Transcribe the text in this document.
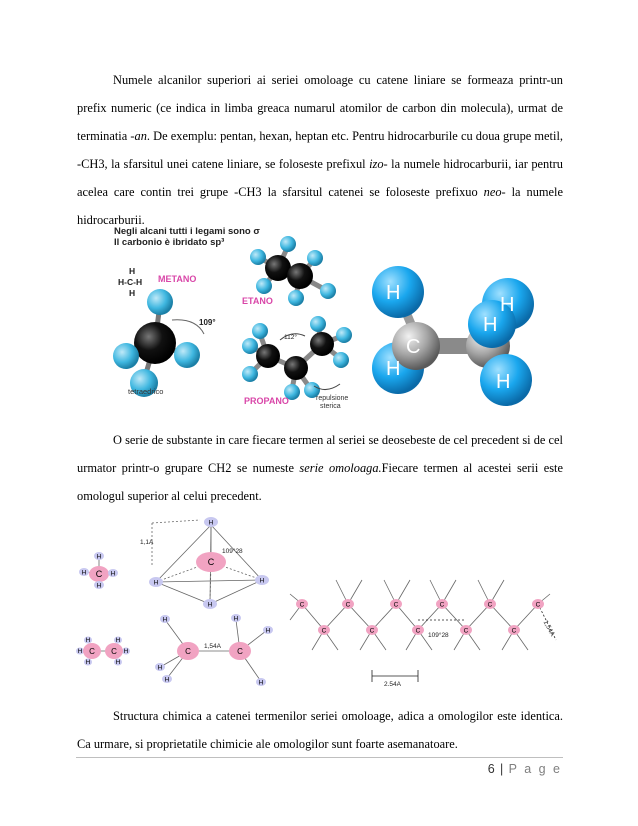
Numele alcanilor superiori ai seriei omoloage cu catene liniare se formeaza printr-un prefix numeric (ce indica in limba greaca numarul atomilor de carbon din molecula), urmat de terminatia -an. De exemplu: pentan, hexan, heptan etc. Pentru hidrocarburile cu doua grupe metil, -CH3, la sfarsitul unei catene liniare, se foloseste prefixul izo- la numele hidrocarburii, iar pentru acelea care contin trei grupe -CH3 la sfarsitul catenei se foloseste prefixuo neo- la numele hidrocarburii.

Negli alcani tutti i legami sono σ
Il carbonio è ibridato sp³
H
H-C-H
H
METANO
109°
tetraedrico
ETANO
112°
PROPANO	repulsione
sterica
H
H
C
H
H
H

O serie de substante in care fiecare termen al seriei se deosebeste de cel precedent si de cel urmator printr-o grupare CH2 se numeste serie omoloaga.Fiecare termen al acestei serii este omologul superior al celui precedent.

H
C
H	H
H
H
C
H	H
H
H
H
H
H
H
H
C C	C	C
H
H
H
H
H
H
C
C
C
C
C
C
C
C
C
C
C
1,1A
109°28
1,54A
109°28
2.54A
1,54A

Structura chimica a catenei termenilor seriei omoloage, adica a omologilor este identica. Ca urmare, si proprietatile chimicie ale omologilor sunt foarte asemanatoare.

6 | P a g e
